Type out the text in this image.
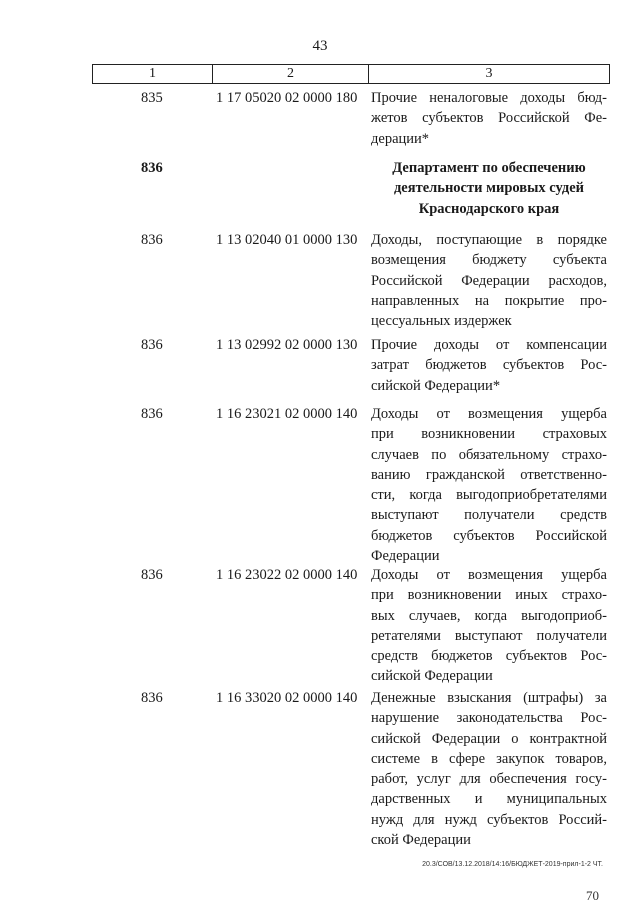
43
1	2	3
835	1 17 05020 02 0000 180 Прочие неналоговые доходы бюд-
жетов субъектов Российской Фе-
дерации*
836	Департамент по обеспечению
деятельности мировых судей
Краснодарского края
836	1 13 02040 01 0000 130 Доходы, поступающие в порядке
возмещения бюджету субъекта
Российской Федерации расходов,
направленных на покрытие про-
цессуальных издержек
836	1 13 02992 02 0000 130 Прочие доходы от компенсации
затрат бюджетов субъектов Рос-
сийской Федерации*
836	1 16 23021 02 0000 140 Доходы от возмещения ущерба
при возникновении страховых
случаев по обязательному страхо-
ванию гражданской ответственно-
сти, когда выгодоприобретателями
выступают получатели средств
бюджетов субъектов Российской
Федерации
836	1 16 23022 02 0000 140 Доходы от возмещения ущерба
при возникновении иных страхо-
вых случаев, когда выгодоприоб-
ретателями выступают получатели
средств бюджетов субъектов Рос-
сийской Федерации
836	1 16 33020 02 0000 140 Денежные взыскания (штрафы) за
нарушение законодательства Рос-
сийской Федерации о контрактной
системе в сфере закупок товаров,
работ, услуг для обеспечения госу-
дарственных и муниципальных
нужд для нужд субъектов Россий-
ской Федерации
20.3/СОВ/13.12.2018/14:16/БЮДЖЕТ-2019-прил-1-2 ЧТ.
70
